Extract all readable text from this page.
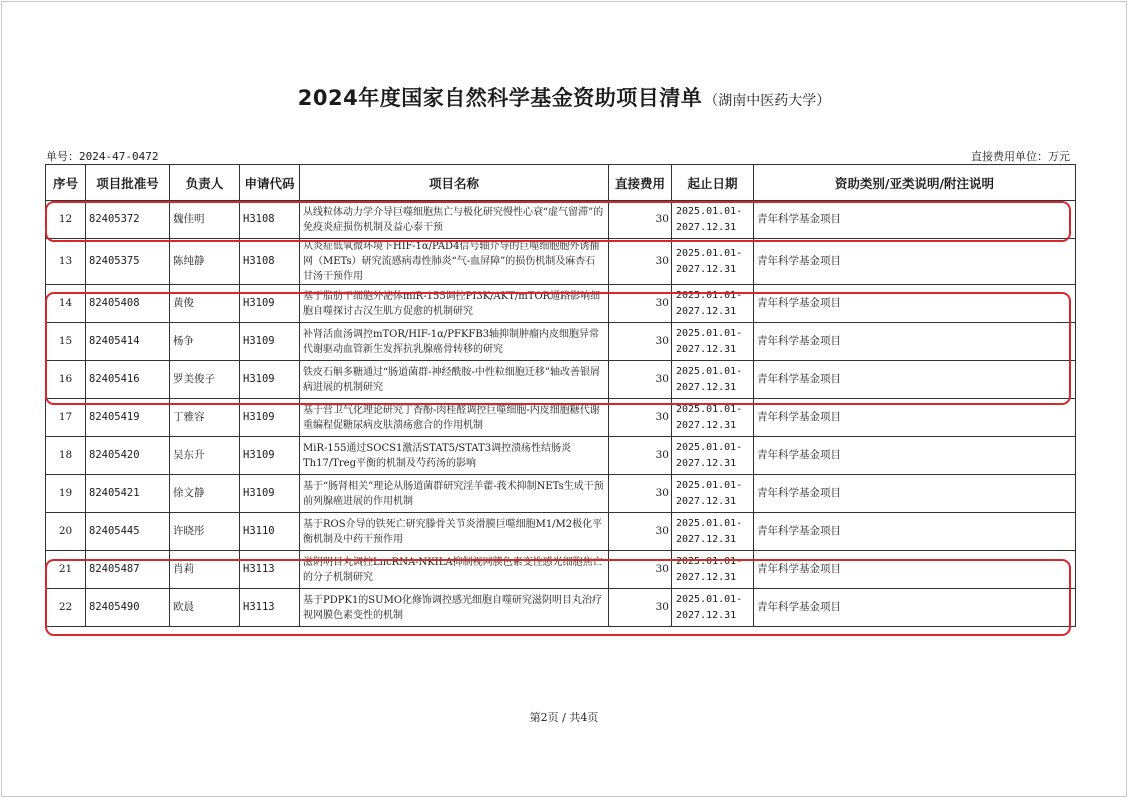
2024年度国家自然科学基金资助项目清单 （湖南中医药大学）
单号：2024-47-0472	直接费用单位：万元
序号	项目批准号	负责人	申请代码	项目名称	直接费用	起止日期	资助类别/亚类说明/附注说明
12	82405372	魏佳明	H3108	从线粒体动力学介导巨噬细胞焦亡与极化研究慢性心衰“虚气留滞”的免疫炎症损伤机制及益心泰干预	30	2025.01.01-
2027.12.31	青年科学基金项目
13	82405375	陈纯静	H3108	从炎症低氧微环境下HIF-1α/PAD4信号轴介导的巨噬细胞胞外诱捕网（METs）研究流感病毒性肺炎“气-血屏障”的损伤机制及麻杏石甘汤干预作用	30	2025.01.01-
2027.12.31	青年科学基金项目
14	82405408	黄俊	H3109	基于脂肪干细胞外泌体miR-155调控PI3K/AKT/mTOR通路影响细胞自噬探讨古汉生肌方促愈的机制研究	30	2025.01.01-
2027.12.31	青年科学基金项目
15	82405414	杨争	H3109	补肾活血汤调控mTOR/HIF-1α/PFKFB3轴抑制肿瘤内皮细胞异常代谢驱动血管新生发挥抗乳腺癌骨转移的研究	30	2025.01.01-
2027.12.31	青年科学基金项目
16	82405416	罗美俊子	H3109	铁皮石斛多糖通过“肠道菌群-神经酰胺-中性粒细胞迁移”轴改善银屑病进展的机制研究	30	2025.01.01-
2027.12.31	青年科学基金项目
17	82405419	丁雅容	H3109	基于营卫气化理论研究丁香酚-肉桂醛调控巨噬细胞-内皮细胞糖代谢重编程促糖尿病皮肤溃疡愈合的作用机制	30	2025.01.01-
2027.12.31	青年科学基金项目
18	82405420	吴东升	H3109	MiR-155通过SOCS1激活STAT5/STAT3调控溃疡性结肠炎Th17/Treg平衡的机制及芍药汤的影响	30	2025.01.01-
2027.12.31	青年科学基金项目
19	82405421	徐文静	H3109	基于“肠肾相关”理论从肠道菌群研究淫羊藿-莪术抑制NETs生成干预前列腺癌进展的作用机制	30	2025.01.01-
2027.12.31	青年科学基金项目
20	82405445	许晓彤	H3110	基于ROS介导的铁死亡研究滕骨关节炎滑膜巨噬细胞M1/M2极化平衡机制及中药干预作用	30	2025.01.01-
2027.12.31	青年科学基金项目
21	82405487	肖莉	H3113	滋阴明目丸调控LncRNA-NKILA抑制视网膜色素变性感光细胞焦亡的分子机制研究	30	2025.01.01-
2027.12.31	青年科学基金项目
22	82405490	欧晨	H3113	基于PDPK1的SUMO化修饰调控感光细胞自噬研究滋阴明目丸治疗视网膜色素变性的机制	30	2025.01.01-
2027.12.31	青年科学基金项目
第2页 / 共4页
